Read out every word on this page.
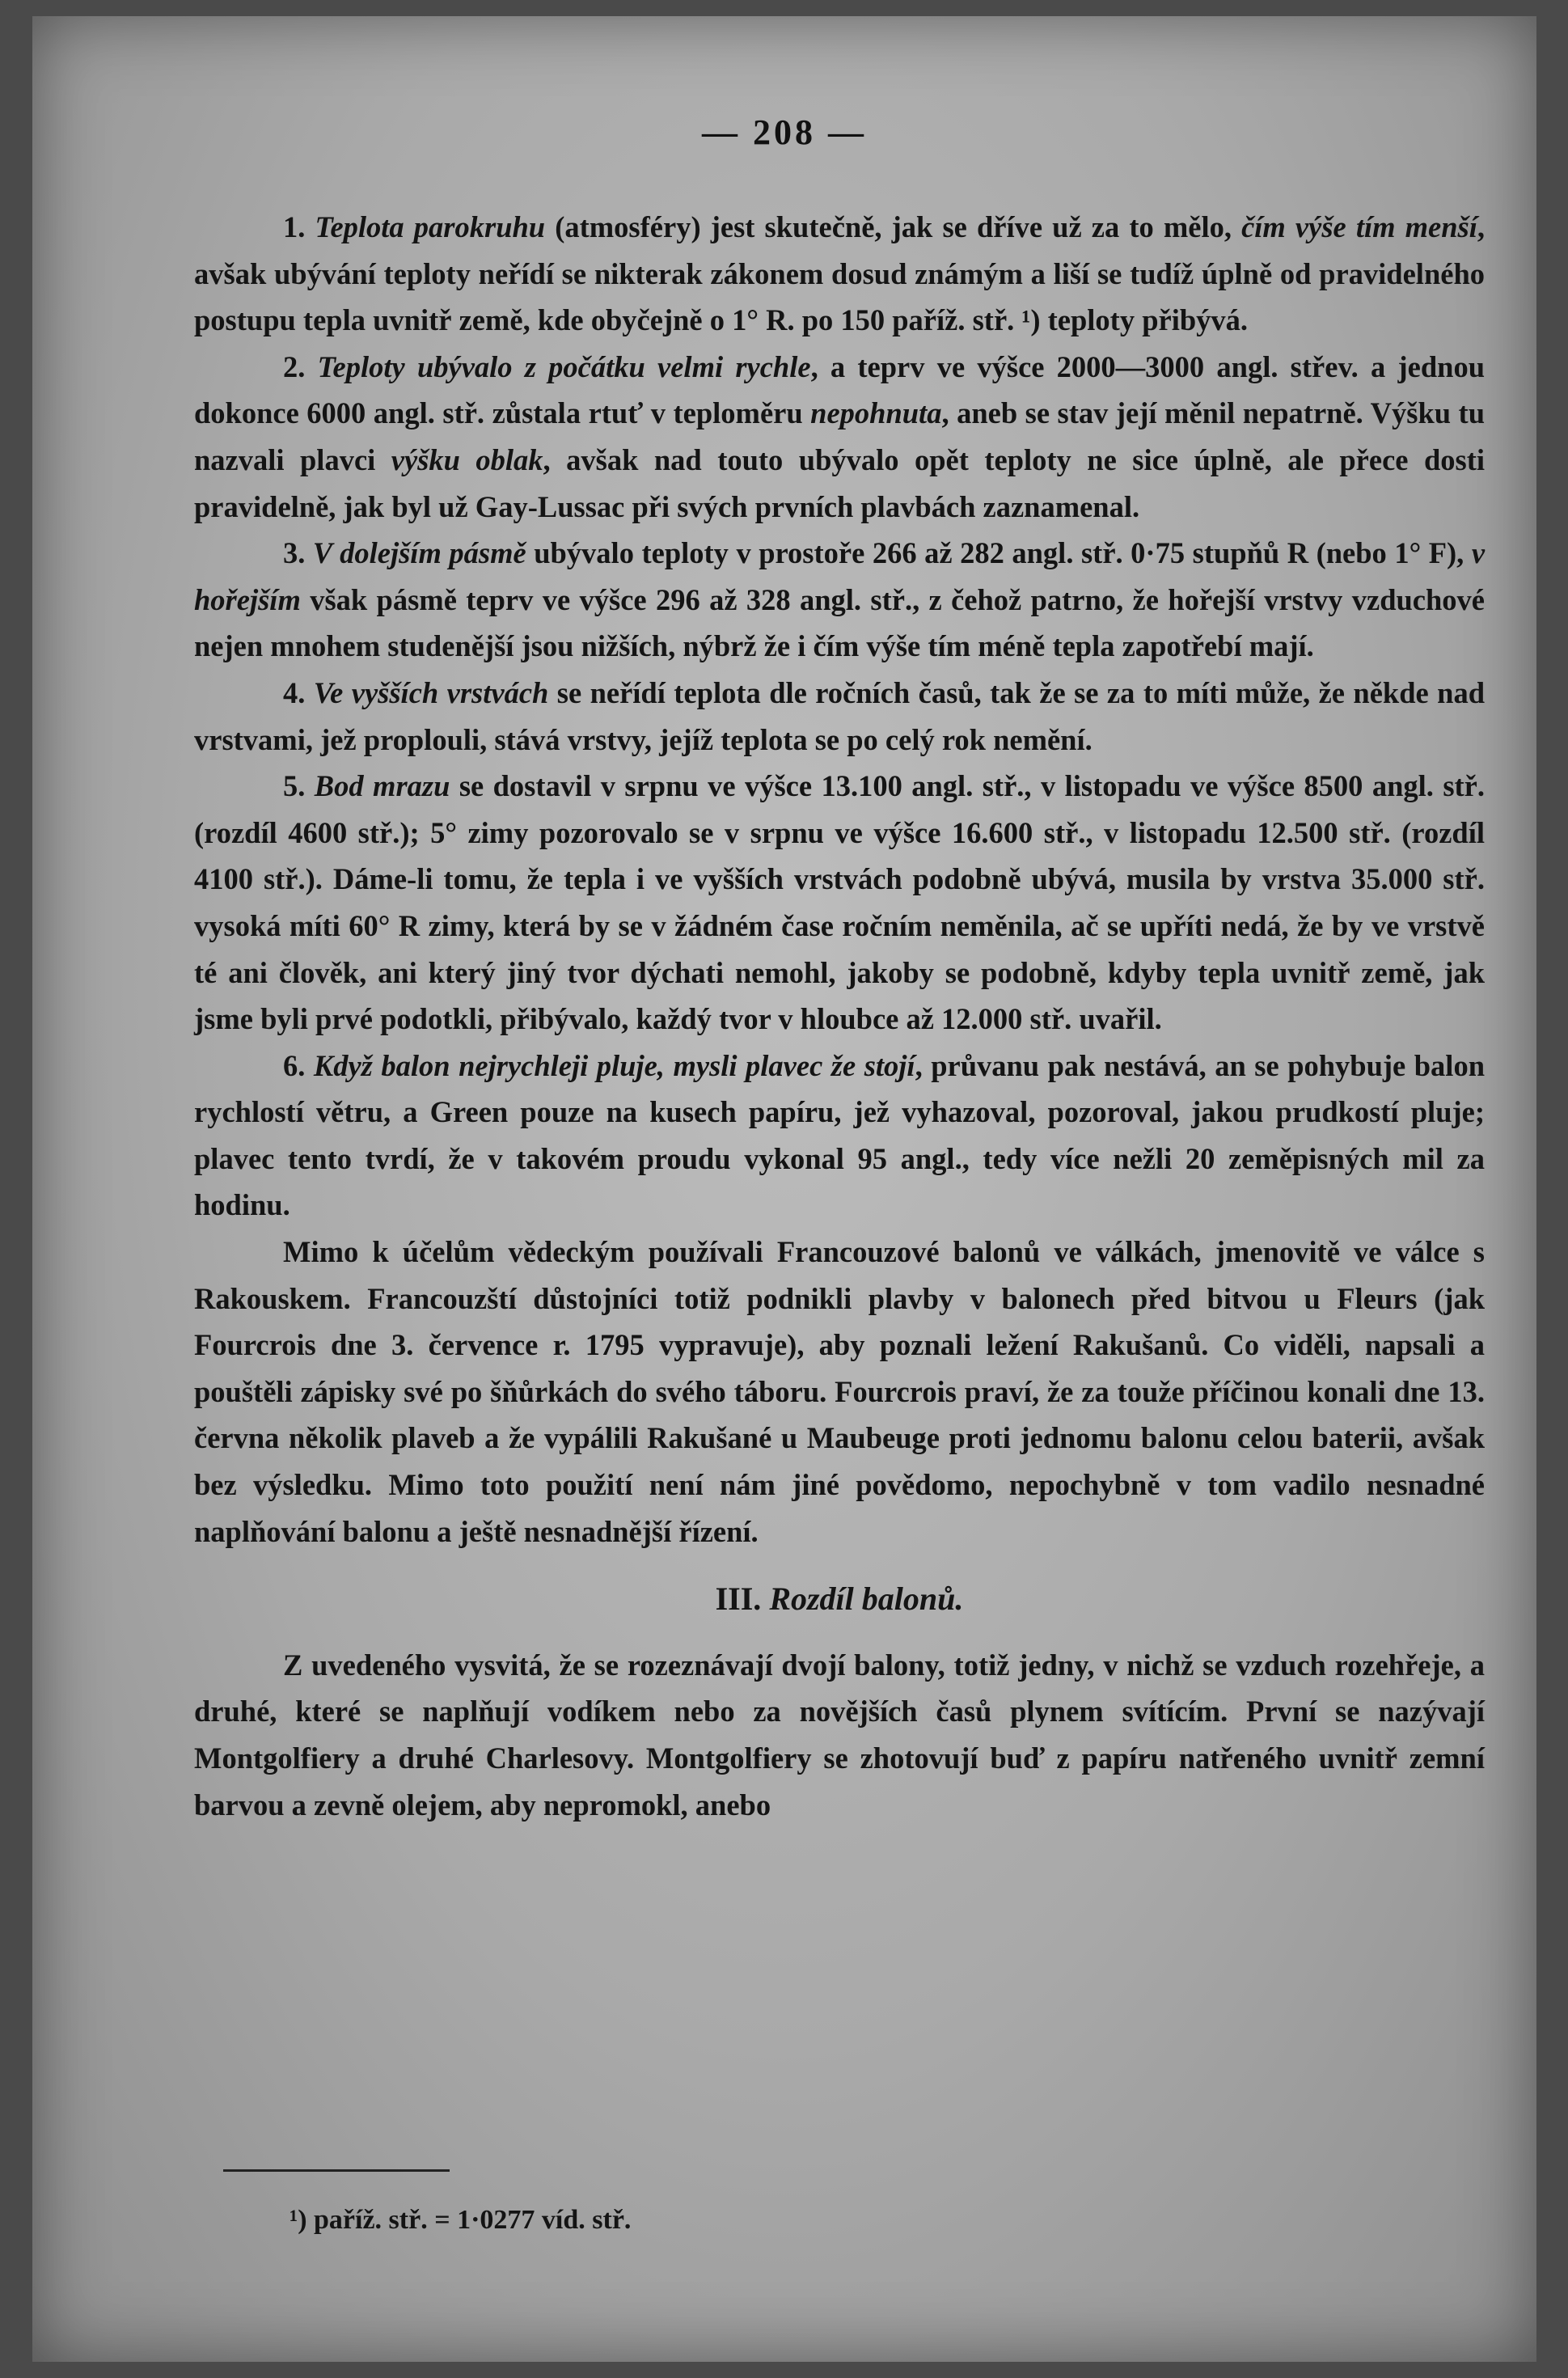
— 208 —

1. Teplota parokruhu (atmosféry) jest skutečně, jak se dříve už za to mělo, čím výše tím menší, avšak ubývání teploty neřídí se nikterak zákonem dosud známým a liší se tudíž úplně od pravidelného postupu tepla uvnitř země, kde obyčejně o 1° R. po 150 paříž. stř. ¹) teploty přibývá.

2. Teploty ubývalo z počátku velmi rychle, a teprv ve výšce 2000—3000 angl. střev. a jednou dokonce 6000 angl. stř. zůstala rtuť v teploměru nepohnuta, aneb se stav její měnil nepatrně. Výšku tu nazvali plavci výšku oblak, avšak nad touto ubývalo opět teploty ne sice úplně, ale přece dosti pravidelně, jak byl už Gay-Lussac při svých prvních plavbách zaznamenal.

3. V dolejším pásmě ubývalo teploty v prostoře 266 až 282 angl. stř. 0·75 stupňů R (nebo 1° F), v hořejším však pásmě teprv ve výšce 296 až 328 angl. stř., z čehož patrno, že hořejší vrstvy vzduchové nejen mnohem studenější jsou nižších, nýbrž že i čím výše tím méně tepla zapotřebí mají.

4. Ve vyšších vrstvách se neřídí teplota dle ročních časů, tak že se za to míti může, že někde nad vrstvami, jež proplouli, stává vrstvy, jejíž teplota se po celý rok nemění.

5. Bod mrazu se dostavil v srpnu ve výšce 13.100 angl. stř., v listopadu ve výšce 8500 angl. stř. (rozdíl 4600 stř.); 5° zimy pozorovalo se v srpnu ve výšce 16.600 stř., v listopadu 12.500 stř. (rozdíl 4100 stř.). Dáme-li tomu, že tepla i ve vyšších vrstvách podobně ubývá, musila by vrstva 35.000 stř. vysoká míti 60° R zimy, která by se v žádném čase ročním neměnila, ač se upříti nedá, že by ve vrstvě té ani člověk, ani který jiný tvor dýchati nemohl, jakoby se podobně, kdyby tepla uvnitř země, jak jsme byli prvé podotkli, přibývalo, každý tvor v hloubce až 12.000 stř. uvařil.

6. Když balon nejrychleji pluje, mysli plavec že stojí, průvanu pak nestává, an se pohybuje balon rychlostí větru, a Green pouze na kusech papíru, jež vyhazoval, pozoroval, jakou prudkostí pluje; plavec tento tvrdí, že v takovém proudu vykonal 95 angl., tedy více nežli 20 zeměpisných mil za hodinu.

Mimo k účelům vědeckým používali Francouzové balonů ve válkách, jmenovitě ve válce s Rakouskem. Francouzští důstojníci totiž podnikli plavby v balonech před bitvou u Fleurs (jak Fourcrois dne 3. července r. 1795 vypravuje), aby poznali ležení Rakušanů. Co viděli, napsali a pouštěli zápisky své po šňůrkách do svého táboru. Fourcrois praví, že za touže příčinou konali dne 13. června několik plaveb a že vypálili Rakušané u Maubeuge proti jednomu balonu celou baterii, avšak bez výsledku. Mimo toto použití není nám jiné povědomo, nepochybně v tom vadilo nesnadné naplňování balonu a ještě nesnadnější řízení.

III. Rozdíl balonů.

Z uvedeného vysvitá, že se rozeznávají dvojí balony, totiž jedny, v nichž se vzduch rozehřeje, a druhé, které se naplňují vodíkem nebo za novějších časů plynem svítícím. První se nazývají Montgolfiery a druhé Charlesovy. Montgolfiery se zhotovují buď z papíru natřeného uvnitř zemní barvou a zevně olejem, aby nepromokl, anebo

¹) paříž. stř. = 1·0277 víd. stř.
